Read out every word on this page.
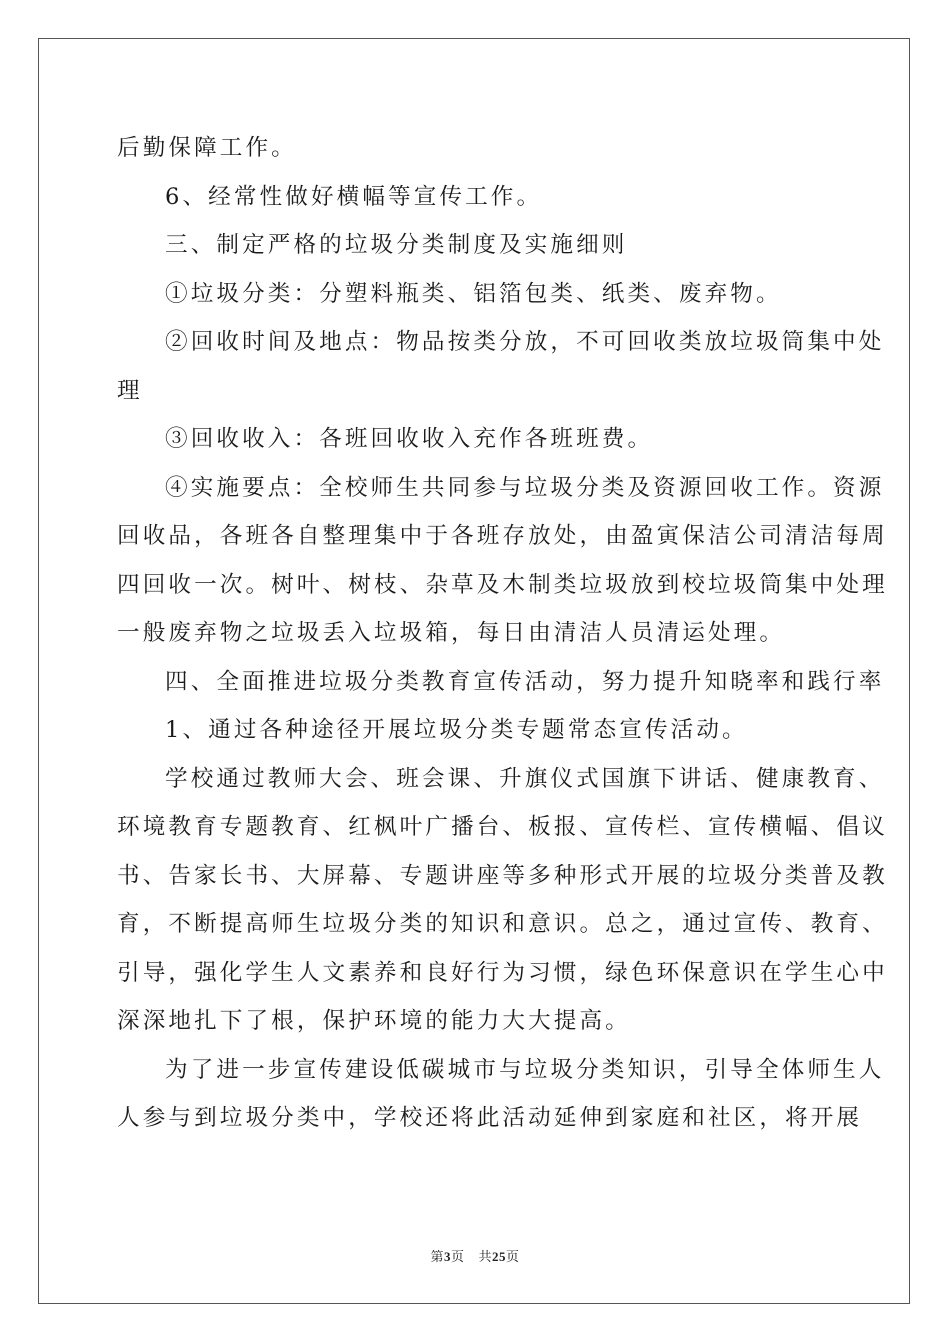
后勤保障工作。
6、经常性做好横幅等宣传工作。
三、制定严格的垃圾分类制度及实施细则
①垃圾分类：分塑料瓶类、铝箔包类、纸类、废弃物。
②回收时间及地点：物品按类分放，不可回收类放垃圾筒集中处
理
③回收收入：各班回收收入充作各班班费。
④实施要点：全校师生共同参与垃圾分类及资源回收工作。资源
回收品，各班各自整理集中于各班存放处，由盈寅保洁公司清洁每周
四回收一次。树叶、树枝、杂草及木制类垃圾放到校垃圾筒集中处理
一般废弃物之垃圾丢入垃圾箱，每日由清洁人员清运处理。
四、全面推进垃圾分类教育宣传活动，努力提升知晓率和践行率
1、通过各种途径开展垃圾分类专题常态宣传活动。
学校通过教师大会、班会课、升旗仪式国旗下讲话、健康教育、
环境教育专题教育、红枫叶广播台、板报、宣传栏、宣传横幅、倡议
书、告家长书、大屏幕、专题讲座等多种形式开展的垃圾分类普及教
育，不断提高师生垃圾分类的知识和意识。总之，通过宣传、教育、
引导，强化学生人文素养和良好行为习惯，绿色环保意识在学生心中
深深地扎下了根，保护环境的能力大大提高。
为了进一步宣传建设低碳城市与垃圾分类知识，引导全体师生人
人参与到垃圾分类中，学校还将此活动延伸到家庭和社区，将开展
第3页 共25页
